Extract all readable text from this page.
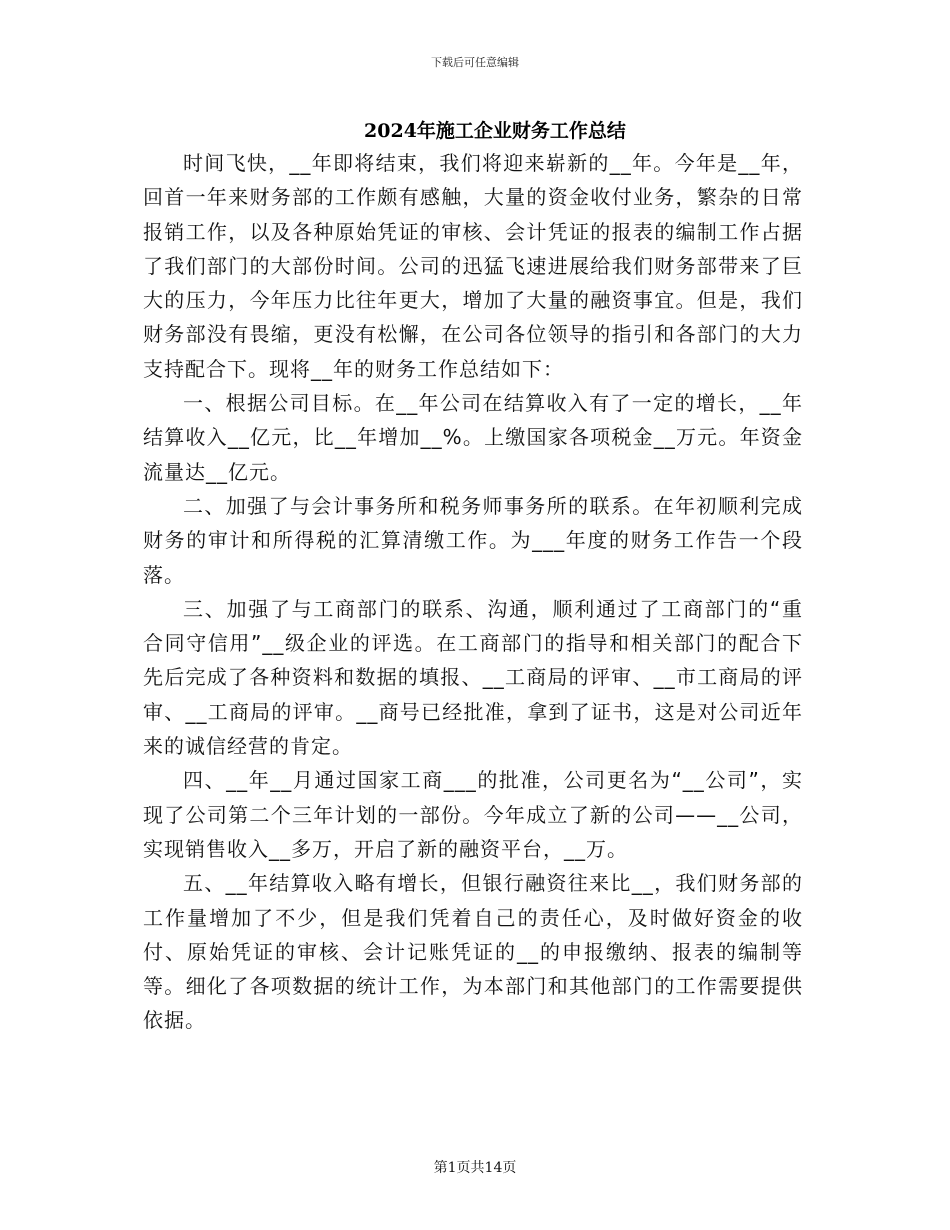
下载后可任意编辑
2024年施工企业财务工作总结

时间飞快，__年即将结束，我们将迎来崭新的__年。今年是__年，回首一年来财务部的工作颇有感触，大量的资金收付业务，繁杂的日常报销工作，以及各种原始凭证的审核、会计凭证的报表的编制工作占据了我们部门的大部份时间。公司的迅猛飞速进展给我们财务部带来了巨大的压力，今年压力比往年更大，增加了大量的融资事宜。但是，我们财务部没有畏缩，更没有松懈，在公司各位领导的指引和各部门的大力支持配合下。现将__年的财务工作总结如下：

一、根据公司目标。在__年公司在结算收入有了一定的增长，__年结算收入__亿元，比__年增加__%。上缴国家各项税金__万元。年资金流量达__亿元。

二、加强了与会计事务所和税务师事务所的联系。在年初顺利完成财务的审计和所得税的汇算清缴工作。为___年度的财务工作告一个段落。

三、加强了与工商部门的联系、沟通，顺利通过了工商部门的“重合同守信用”__级企业的评选。在工商部门的指导和相关部门的配合下先后完成了各种资料和数据的填报、__工商局的评审、__市工商局的评审、__工商局的评审。__商号已经批准，拿到了证书，这是对公司近年来的诚信经营的肯定。

四、__年__月通过国家工商___的批准，公司更名为“__公司”，实现了公司第二个三年计划的一部份。今年成立了新的公司——__公司，实现销售收入__多万，开启了新的融资平台，__万。

五、__年结算收入略有增长，但银行融资往来比__，我们财务部的工作量增加了不少，但是我们凭着自己的责任心，及时做好资金的收付、原始凭证的审核、会计记账凭证的__的申报缴纳、报表的编制等等。细化了各项数据的统计工作，为本部门和其他部门的工作需要提供依据。

第1页共14页
